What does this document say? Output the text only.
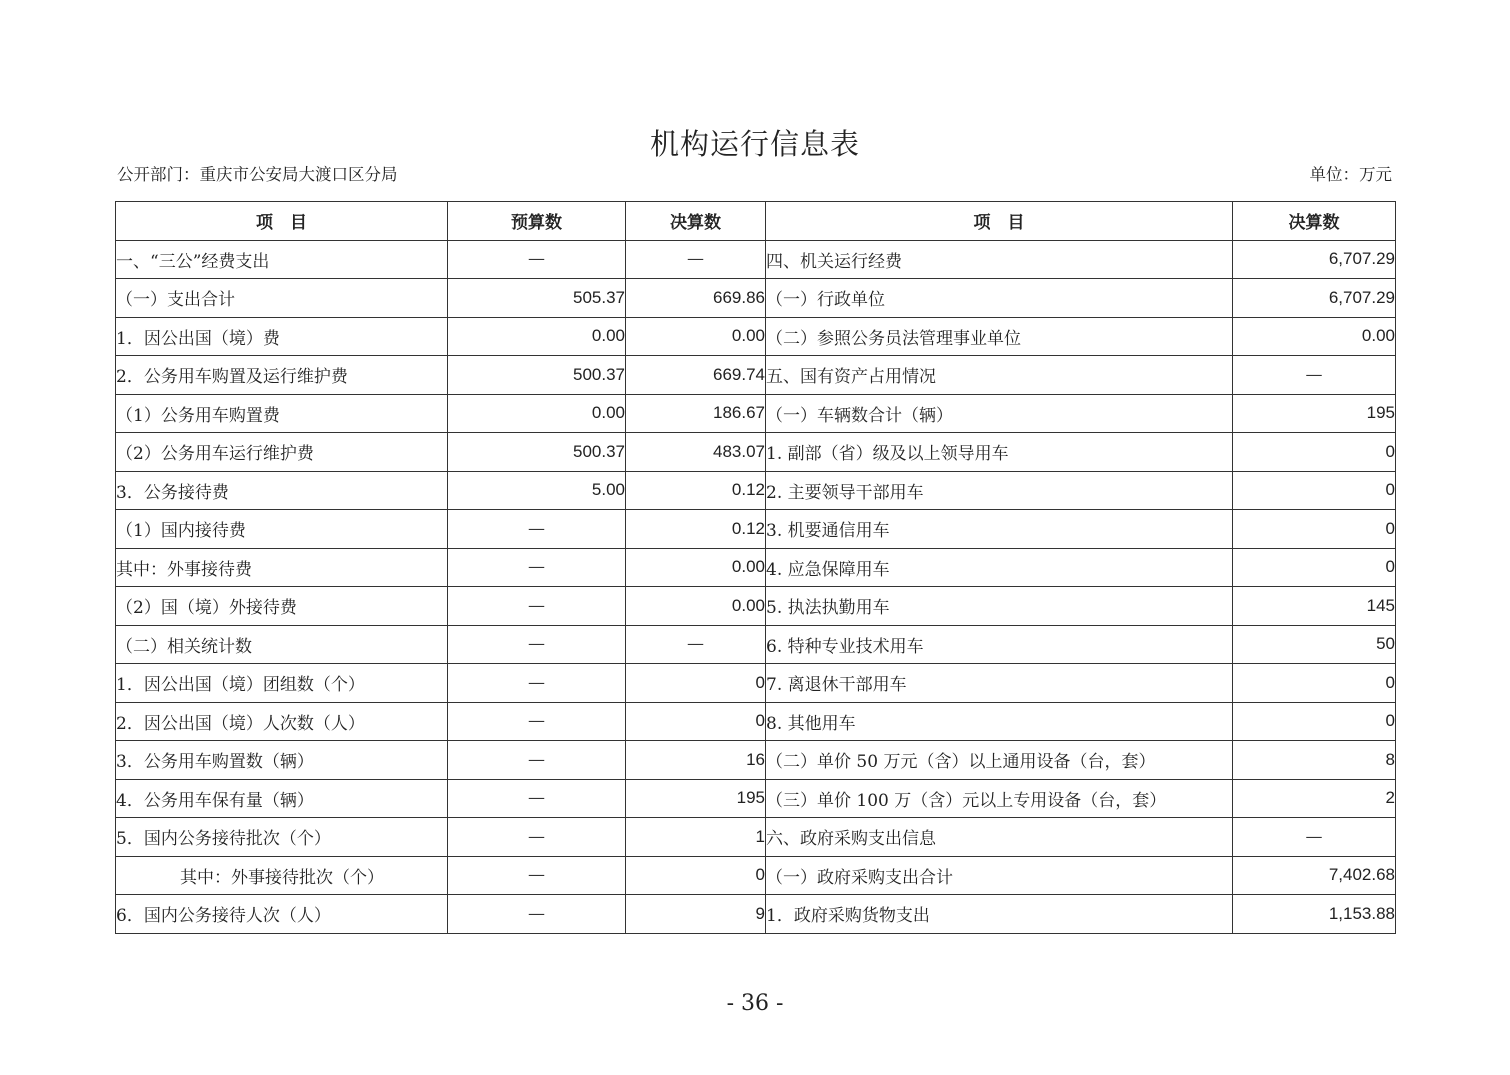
机构运行信息表
公开部门：重庆市公安局大渡口区分局	单位：万元
项　目	预算数	决算数	项　目	决算数
一、“三公”经费支出	—	—	四、机关运行经费	6,707.29
（一）支出合计	505.37	669.86	（一）行政单位	6,707.29
1．因公出国（境）费	0.00	0.00	（二）参照公务员法管理事业单位	0.00
2．公务用车购置及运行维护费	500.37	669.74	五、国有资产占用情况	—
（1）公务用车购置费	0.00	186.67	（一）车辆数合计（辆）	195
（2）公务用车运行维护费	500.37	483.07	1. 副部（省）级及以上领导用车	0
3．公务接待费	5.00	0.12	2. 主要领导干部用车	0
（1）国内接待费	—	0.12	3. 机要通信用车	0
其中：外事接待费	—	0.00	4. 应急保障用车	0
（2）国（境）外接待费	—	0.00	5. 执法执勤用车	145
（二）相关统计数	—	—	6. 特种专业技术用车	50
1．因公出国（境）团组数（个）	—	0	7. 离退休干部用车	0
2．因公出国（境）人次数（人）	—	0	8. 其他用车	0
3．公务用车购置数（辆）	—	16	（二）单价 50 万元（含）以上通用设备（台，套）	8
4．公务用车保有量（辆）	—	195	（三）单价 100 万（含）元以上专用设备（台，套）	2
5．国内公务接待批次（个）	—	1	六、政府采购支出信息	—
其中：外事接待批次（个）	—	0	（一）政府采购支出合计	7,402.68
6．国内公务接待人次（人）	—	9	1．政府采购货物支出	1,153.88
- 36 -
